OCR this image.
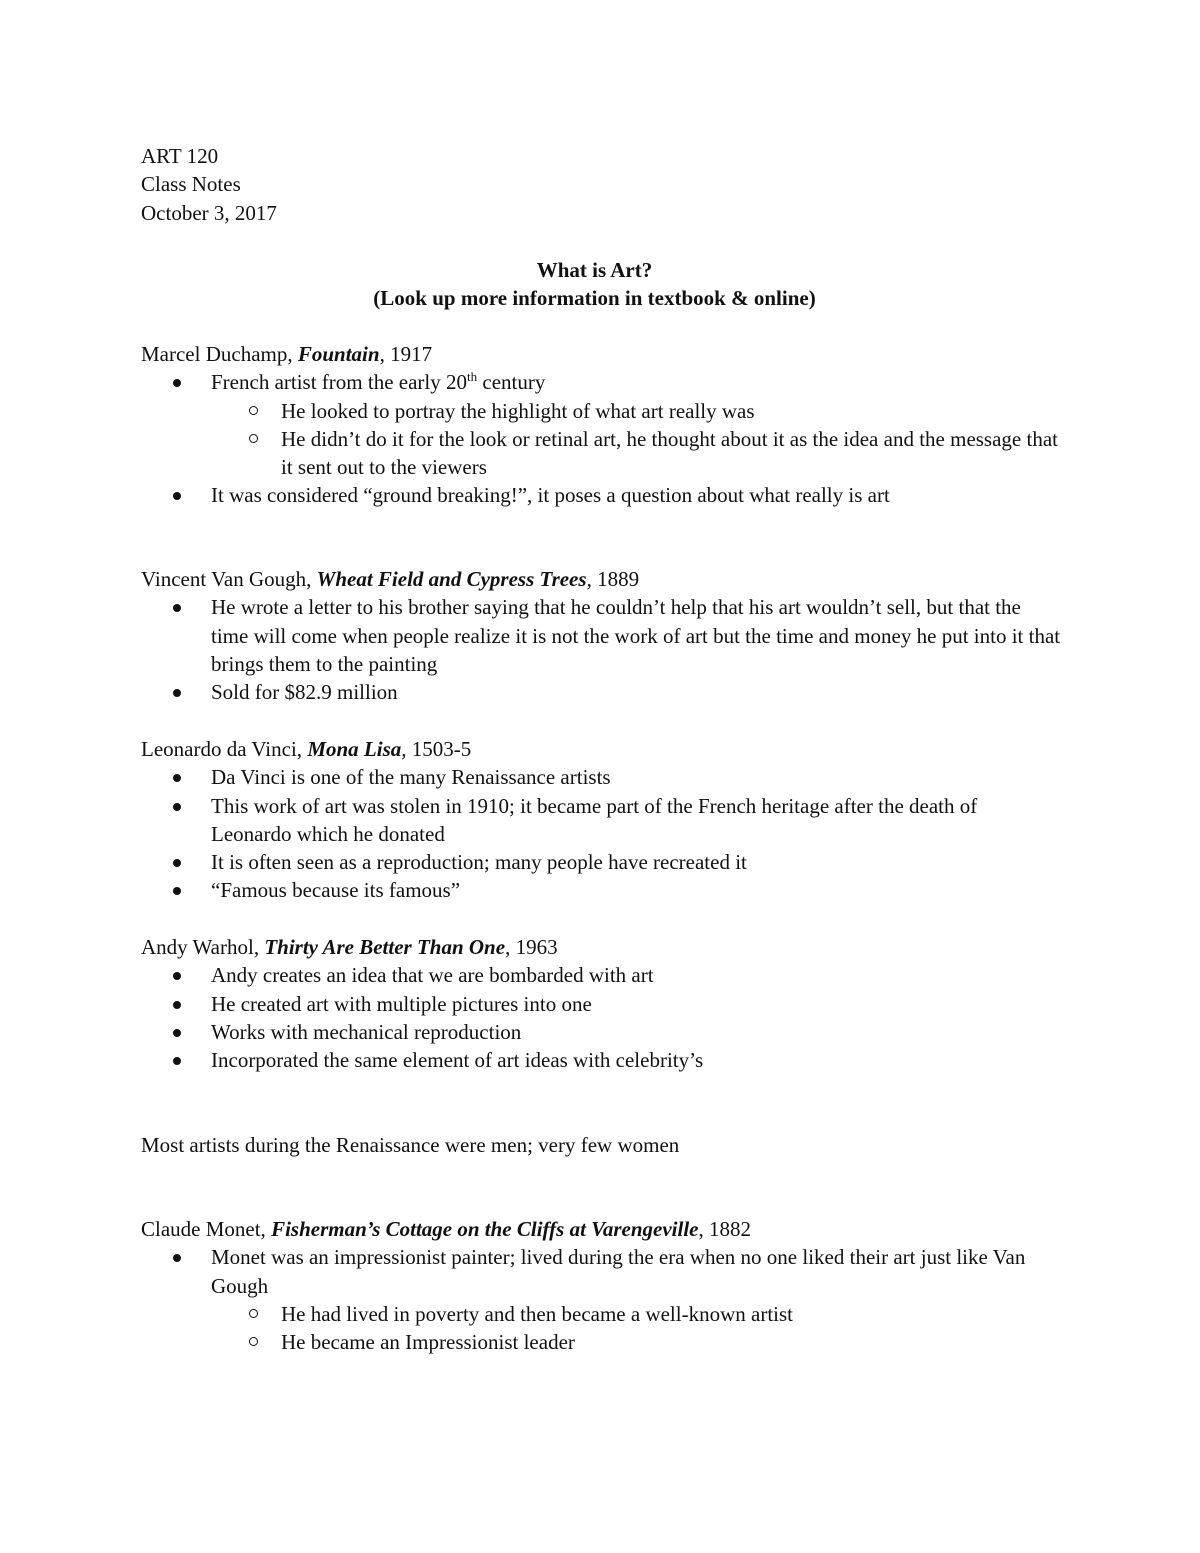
ART 120
Class Notes
October 3, 2017
What is Art?
(Look up more information in textbook & online)
Marcel Duchamp, Fountain, 1917
French artist from the early 20th century
He looked to portray the highlight of what art really was
He didn’t do it for the look or retinal art, he thought about it as the idea and the message that it sent out to the viewers
It was considered “ground breaking!”, it poses a question about what really is art
Vincent Van Gough, Wheat Field and Cypress Trees, 1889
He wrote a letter to his brother saying that he couldn’t help that his art wouldn’t sell, but that the time will come when people realize it is not the work of art but the time and money he put into it that brings them to the painting
Sold for $82.9 million
Leonardo da Vinci, Mona Lisa, 1503-5
Da Vinci is one of the many Renaissance artists
This work of art was stolen in 1910; it became part of the French heritage after the death of Leonardo which he donated
It is often seen as a reproduction; many people have recreated it
“Famous because its famous”
Andy Warhol, Thirty Are Better Than One, 1963
Andy creates an idea that we are bombarded with art
He created art with multiple pictures into one
Works with mechanical reproduction
Incorporated the same element of art ideas with celebrity’s
Most artists during the Renaissance were men; very few women
Claude Monet, Fisherman’s Cottage on the Cliffs at Varengeville, 1882
Monet was an impressionist painter; lived during the era when no one liked their art just like Van Gough
He had lived in poverty and then became a well-known artist
He became an Impressionist leader
